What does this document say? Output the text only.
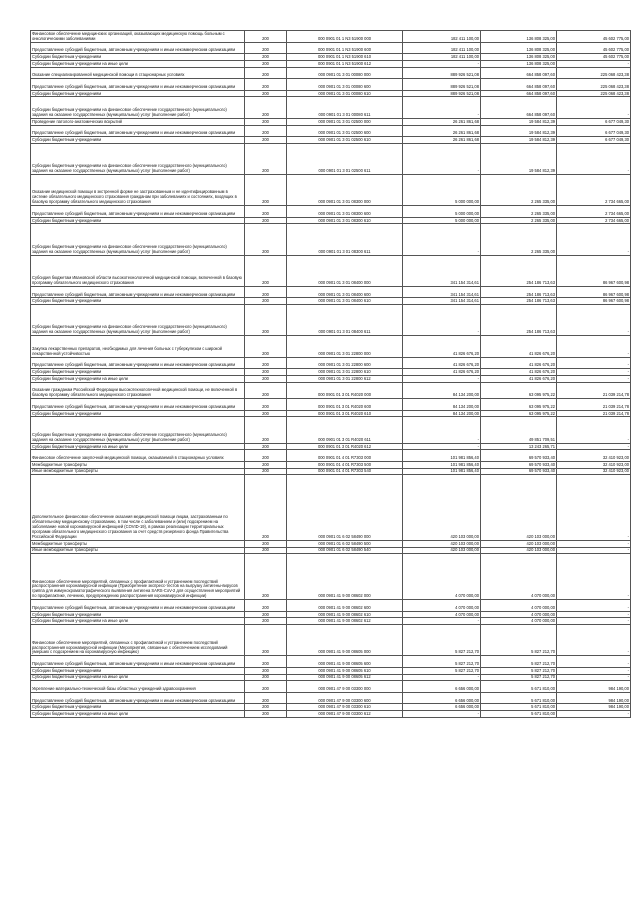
Финансовое обеспечение медицинских организаций, оказывающих медицинскую помощь больным с онкологическими заболеваниями	200	000 0901 01 1 N3 51900 000	182 411 100,00	136 808 325,00	45 602 775,00
Предоставление субсидий бюджетным, автономным учреждениям и иным некоммерческим организациям	200	000 0901 01 1 N3 51900 600	182 411 100,00	136 808 325,00	45 602 775,00
Субсидии бюджетным учреждениям	200	000 0901 01 1 N3 51900 610	182 411 100,00	136 808 325,00	45 602 775,00
Субсидии бюджетным учреждениям на иные цели	200	000 0901 01 1 N3 51900 612	-	136 808 325,00	-
Оказание специализированной медицинской помощи в стационарных условиях	200	000 0901 01 3 01 00080 000	889 926 521,08	664 858 097,60	225 068 423,38
Предоставление субсидий бюджетным, автономным учреждениям и иным некоммерческим организациям	200	000 0901 01 3 01 00080 600	889 926 521,08	664 858 097,60	225 068 423,38
Субсидии бюджетным учреждениям	200	000 0901 01 3 01 00080 610	889 926 521,08	664 858 097,60	225 068 423,38
Субсидии бюджетным учреждениям на финансовое обеспечение государственного (муниципального) задания на оказание государственных (муниципальных) услуг (выполнение работ)	200	000 0901 01 3 01 00080 611	-	664 858 097,60	-
Проведение патолого-анатомических вскрытий	200	000 0901 01 3 01 02500 000	26 261 861,68	19 584 812,39	6 677 049,30
Предоставление субсидий бюджетным, автономным учреждениям и иным некоммерческим организациям	200	000 0901 01 3 01 02500 600	26 261 861,68	19 584 812,39	6 677 049,30
Субсидии бюджетным учреждениям	200	000 0901 01 3 01 02500 610	26 261 861,68	19 584 812,39	6 677 049,30
Субсидии бюджетным учреждениям на финансовое обеспечение государственного (муниципального) задания на оказание государственных (муниципальных) услуг (выполнение работ)	200	000 0901 01 3 01 02500 611	-	19 584 812,39	-
Оказание медицинской помощи в экстренной форме не застрахованным и не идентифицированным в системе обязательного медицинского страхования гражданам при заболеваниях и состояниях, входящих в базовую программу обязательного медицинского страхования	200	000 0901 01 3 01 08300 000	5 000 000,00	2 265 335,00	2 734 665,00
Предоставление субсидий бюджетным, автономным учреждениям и иным некоммерческим организациям	200	000 0901 01 3 01 08300 600	5 000 000,00	2 265 335,00	2 734 665,00
Субсидии бюджетным учреждениям	200	000 0901 01 3 01 08300 610	5 000 000,00	2 265 335,00	2 734 665,00
Субсидии бюджетным учреждениям на финансовое обеспечение государственного (муниципального) задания на оказание государственных (муниципальных) услуг (выполнение работ)	200	000 0901 01 3 01 08300 611	-	2 265 335,00	-
Субсидия бюджетам Ивановской области высокотехнологичной медицинской помощи, включенной в базовую программу обязательного медицинского страхования	200	000 0901 01 3 01 08400 000	341 154 314,61	254 186 713,63	86 967 600,98
Предоставление субсидий бюджетным, автономным учреждениям и иным некоммерческим организациям	200	000 0901 01 3 01 08400 600	341 154 314,61	254 186 713,63	86 967 600,98
Субсидии бюджетным учреждениям	200	000 0901 01 3 01 08400 610	341 154 314,61	254 186 713,63	86 967 600,98
Субсидии бюджетным учреждениям на финансовое обеспечение государственного (муниципального) задания на оказание государственных (муниципальных) услуг (выполнение работ)	200	000 0901 01 3 01 08400 611	-	254 186 713,63	-
Закупка лекарственных препаратов, необходимых для лечения больных с туберкулезом с широкой лекарственной устойчивостью	200	000 0901 01 3 01 22800 000	41 826 676,20	41 826 676,20	-
Предоставление субсидий бюджетным, автономным учреждениям и иным некоммерческим организациям	200	000 0901 01 3 01 22800 600	41 826 676,20	41 826 676,20	-
Субсидии бюджетным учреждениям	200	000 0901 01 3 01 22800 610	41 826 676,20	41 826 676,20	-
Субсидии бюджетным учреждениям на иные цели	200	000 0901 01 3 01 22800 612	-	41 826 676,20	-
Оказание гражданам Российской Федерации высокотехнологичной медицинской помощи, не включенной в базовую программу обязательного медицинского страхования	200	000 0901 01 3 01 R4020 000	84 134 200,00	63 095 975,22	21 039 214,78
Предоставление субсидий бюджетным, автономным учреждениям и иным некоммерческим организациям	200	000 0901 01 3 01 R4020 600	84 134 200,00	63 095 975,22	21 039 214,78
Субсидии бюджетным учреждениям	200	000 0901 01 3 01 R4020 610	84 134 200,00	63 095 975,22	21 039 214,78
Субсидии бюджетным учреждениям на финансовое обеспечение государственного (муниципального) задания на оказание государственных (муниципальных) услуг (выполнение работ)	200	000 0901 01 3 01 R4020 611	-	49 851 709,51	-
Субсидии бюджетным учреждениям на иные цели	200	000 0901 01 3 01 R4020 612	-	13 243 265,71	-
Финансовое обеспечение закупочной медицинской помощи, оказываемой в стационарных условиях	200	000 0901 01 4 01 R7303 000	101 981 856,40	69 570 933,40	32 410 923,00
Межбюджетные трансферты	200	000 0901 01 4 01 R7303 500	101 981 856,40	69 570 933,40	32 410 923,00
Иные межбюджетные трансферты	200	000 0901 01 4 01 R7303 540	101 981 856,40	69 570 933,40	32 410 923,00
Дополнительное финансовое обеспечение оказания медицинской помощи лицам, застрахованным по обязательному медицинскому страхованию, в том числе с заболеванием и (или) подозрением на заболевание новой коронавирусной инфекцией (COVID-19), в рамках реализации территориальных программ обязательного медицинского страхования за счет средств резервного фонда Правительства Российской Федерации	200	000 0901 01 6 02 58490 000	420 103 000,00	420 103 000,00	-
Межбюджетные трансферты	200	000 0901 01 6 02 58490 500	420 103 000,00	420 103 000,00	-
Иные межбюджетные трансферты	200	000 0901 01 6 02 58490 540	420 103 000,00	420 103 000,00	-
Финансовое обеспечение мероприятий, связанных с профилактикой и устранением последствий распространения коронавирусной инфекции (Приобретение экспресс-тестов на выгрузку антигены-вирусов гриппа для иммунохроматографического выявления антигена SARS-CoV-2 для осуществления мероприятий по профилактике, лечению, предупреждению распространения коронавирусной инфекции)	200	000 0901 41 9 00 08602 000	4 070 000,00	4 070 000,00	-
Предоставление субсидий бюджетным, автономным учреждениям и иным некоммерческим организациям	200	000 0901 41 9 00 08602 600	4 070 000,00	4 070 000,00	-
Субсидии бюджетным учреждениям	200	000 0901 41 9 00 08602 610	4 070 000,00	4 070 000,00	-
Субсидии бюджетным учреждениям на иные цели	200	000 0901 41 9 00 08602 612	-	4 070 000,00	-
Финансовое обеспечение мероприятий, связанных с профилактикой и устранением последствий распространения коронавирусной инфекции (Мероприятия, связанные с обеспечением исследований умерших с подозрением на коронавирусную инфекцию)	200	000 0901 41 9 00 08605 000	5 827 212,70	5 827 212,70	-
Предоставление субсидий бюджетным, автономным учреждениям и иным некоммерческим организациям	200	000 0901 41 9 00 08605 600	5 827 212,70	5 827 212,70	-
Субсидии бюджетным учреждениям	200	000 0901 41 9 00 08605 610	5 827 212,70	5 827 212,70	-
Субсидии бюджетным учреждениям на иные цели	200	000 0901 41 9 00 08605 612	-	5 827 212,70	-
Укрепление материально-технической базы областных учреждений здравоохранения	200	000 0901 47 9 00 03300 000	6 656 000,00	5 671 810,00	984 190,00
Предоставление субсидий бюджетным, автономным учреждениям и иным некоммерческим организациям	200	000 0901 47 9 00 03300 600	6 656 000,00	5 671 810,00	984 190,00
Субсидии бюджетным учреждениям	200	000 0901 47 9 00 03300 610	6 656 000,00	5 671 810,00	984 190,00
Субсидии бюджетным учреждениям на иные цели	200	000 0901 47 9 00 03300 612	-	5 671 810,00	-
